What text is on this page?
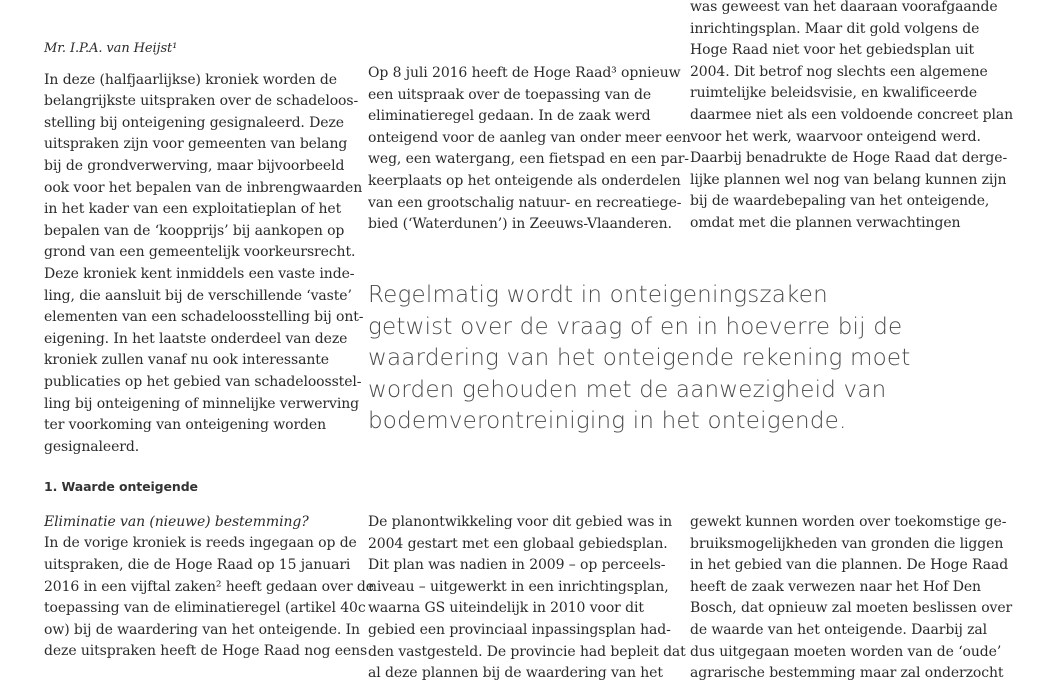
Mr. I.P.A. van Heijst¹
In deze (halfjaarlijkse) kroniek worden de
belangrijkste uitspraken over de schadeloos-
stelling bij onteigening gesignaleerd. Deze
uitspraken zijn voor gemeenten van belang
bij de grondverwerving, maar bijvoorbeeld
ook voor het bepalen van de inbrengwaarden
in het kader van een exploitatieplan of het
bepalen van de ‘koopprijs’ bij aankopen op
grond van een gemeentelijk voorkeursrecht.
Deze kroniek kent inmiddels een vaste inde-
ling, die aansluit bij de verschillende ‘vaste’
elementen van een schadeloosstelling bij ont-
eigening. In het laatste onderdeel van deze
kroniek zullen vanaf nu ook interessante
publicaties op het gebied van schadeloosstel-
ling bij onteigening of minnelijke verwerving
ter voorkoming van onteigening worden
gesignaleerd.
1. Waarde onteigende
Eliminatie van (nieuwe) bestemming?
In de vorige kroniek is reeds ingegaan op de
uitspraken, die de Hoge Raad op 15 januari
2016 in een vijftal zaken² heeft gedaan over de
toepassing van de eliminatieregel (artikel 40c
ow) bij de waardering van het onteigende. In
deze uitspraken heeft de Hoge Raad nog eens
Op 8 juli 2016 heeft de Hoge Raad³ opnieuw
een uitspraak over de toepassing van de
eliminatieregel gedaan. In de zaak werd
onteigend voor de aanleg van onder meer een
weg, een watergang, een fietspad en een par-
keerplaats op het onteigende als onderdelen
van een grootschalig natuur- en recreatiege-
bied (‘Waterdunen’) in Zeeuws-Vlaanderen.
was geweest van het daaraan voorafgaande
inrichtingsplan. Maar dit gold volgens de
Hoge Raad niet voor het gebiedsplan uit
2004. Dit betrof nog slechts een algemene
ruimtelijke beleidsvisie, en kwalificeerde
daarmee niet als een voldoende concreet plan
voor het werk, waarvoor onteigend werd.
Daarbij benadrukte de Hoge Raad dat derge-
lijke plannen wel nog van belang kunnen zijn
bij de waardebepaling van het onteigende,
omdat met die plannen verwachtingen
Regelmatig wordt in onteigeningszaken
getwist over de vraag of en in hoeverre bij de
waardering van het onteigende rekening moet
worden gehouden met de aanwezigheid van
bodemverontreiniging in het onteigende.
De planontwikkeling voor dit gebied was in
2004 gestart met een globaal gebiedsplan.
Dit plan was nadien in 2009 – op perceels-
niveau – uitgewerkt in een inrichtingsplan,
waarna GS uiteindelijk in 2010 voor dit
gebied een provinciaal inpassingsplan had-
den vastgesteld. De provincie had bepleit dat
al deze plannen bij de waardering van het
gewekt kunnen worden over toekomstige ge-
bruiksmogelijkheden van gronden die liggen
in het gebied van die plannen. De Hoge Raad
heeft de zaak verwezen naar het Hof Den
Bosch, dat opnieuw zal moeten beslissen over
de waarde van het onteigende. Daarbij zal
dus uitgegaan moeten worden van de ‘oude’
agrarische bestemming maar zal onderzocht
